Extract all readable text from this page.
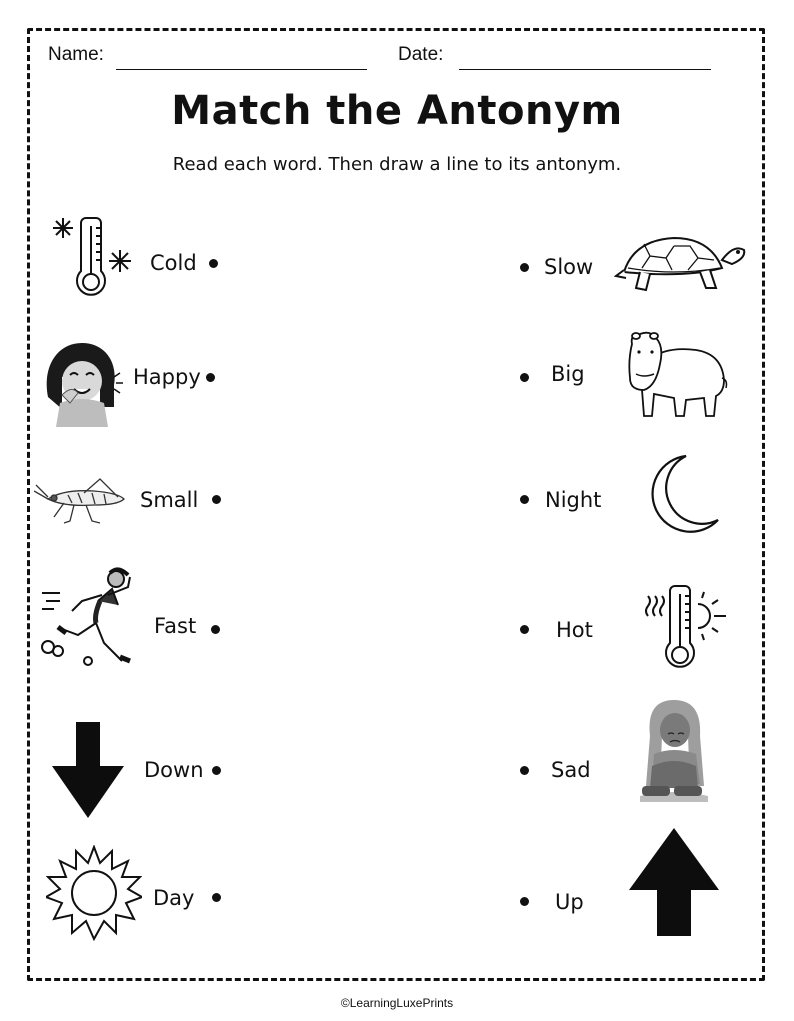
Name:	Date:
Match the Antonym
Read each word. Then draw a line to its antonym.
Cold
Happy
Small
Fast
Down
Day
Slow
Big
Night
Hot
Sad
Up
©LearningLuxePrints
